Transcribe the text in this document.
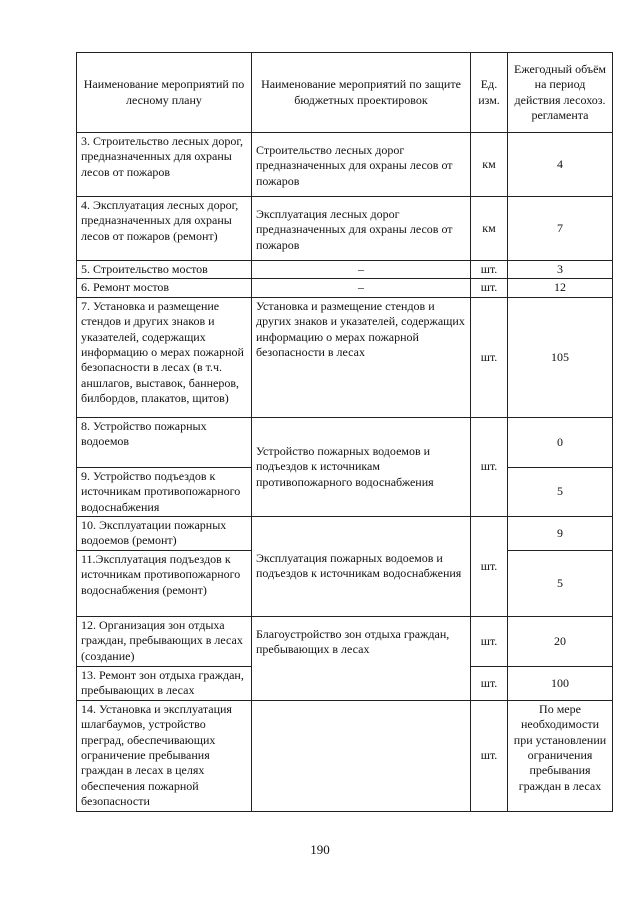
Наименование мероприятий по лесному плану	Наименование мероприятий по защите бюджетных проектировок	Ед. изм.	Ежегодный объём на период действия лесохоз. регламента
3. Строительство лесных дорог, предназначенных для охраны лесов от пожаров	Строительство лесных дорог предназначенных для охраны лесов от пожаров	км	4
4. Эксплуатация лесных дорог, предназначенных для охраны лесов от пожаров (ремонт)	Эксплуатация лесных дорог предназначенных для охраны лесов от пожаров	км	7
5. Строительство мостов	–	шт.	3
6. Ремонт мостов	–	шт.	12
7. Установка и размещение стендов и других знаков и указателей, содержащих информацию о мерах пожарной безопасности в лесах (в т.ч. аншлагов, выставок, баннеров, билбордов, плакатов, щитов)	Установка и размещение стендов и других знаков и указателей, содержащих информацию о мерах пожарной безопасности в лесах	шт.	105
8. Устройство пожарных водоемов	Устройство пожарных водоемов и подъездов к источникам противопожарного водоснабжения	шт.	0
9. Устройство подъездов к источникам противопожарного водоснабжения			5
10. Эксплуатации пожарных водоемов (ремонт)	Эксплуатация пожарных водоемов и подъездов к источникам водоснабжения	шт.	9
11.Эксплуатация подъездов к источникам противопожарного водоснабжения (ремонт)			5
12. Организация зон отдыха граждан, пребывающих в лесах (создание)	Благоустройство зон отдыха граждан, пребывающих в лесах	шт.	20
13. Ремонт зон отдыха граждан, пребывающих в лесах		шт.	100
14. Установка и эксплуатация шлагбаумов, устройство преград, обеспечивающих ограничение пребывания граждан в лесах в целях обеспечения пожарной безопасности		шт.	По мере необходимости при установлении ограничения пребывания граждан в лесах
190
